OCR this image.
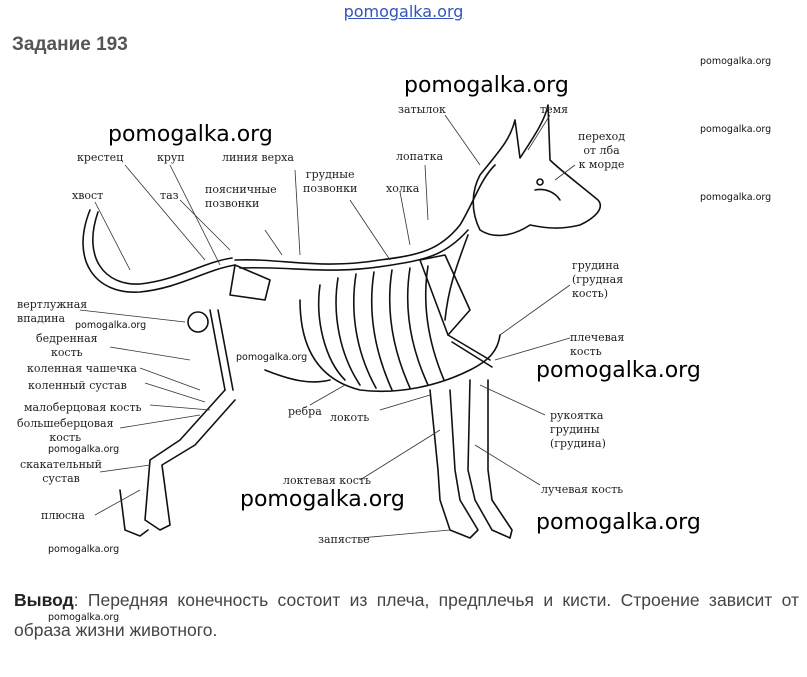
pomogalka.org
Задание 193
крестец	круп	линия верха
затылок	темя
переход
от лба
к морде
хвост	таз поясничные
позвонки
грудные
позвонки
лопатка
холка
вертлужная
впадина
бедренная
кость
коленная чашечка
коленный сустав
малоберцовая кость
большеберцовая
кость
скакательный
сустав
плюсна
грудина
(грудная
кость)
плечевая
кость
рукоятка
грудины
(грудина)
ребра локоть
локтевая кость
лучевая кость
запястье
pomogalka.org
pomogalka.org
pomogalka.org
pomogalka.org
pomogalka.org
pomogalka.org
pomogalka.org
pomogalka.org
pomogalka.org
pomogalka.org
pomogalka.org
pomogalka.org
pomogalka.org
Вывод: Передняя конечность состоит из плеча, предплечья и кисти. Строение зависит от образа жизни животного.
